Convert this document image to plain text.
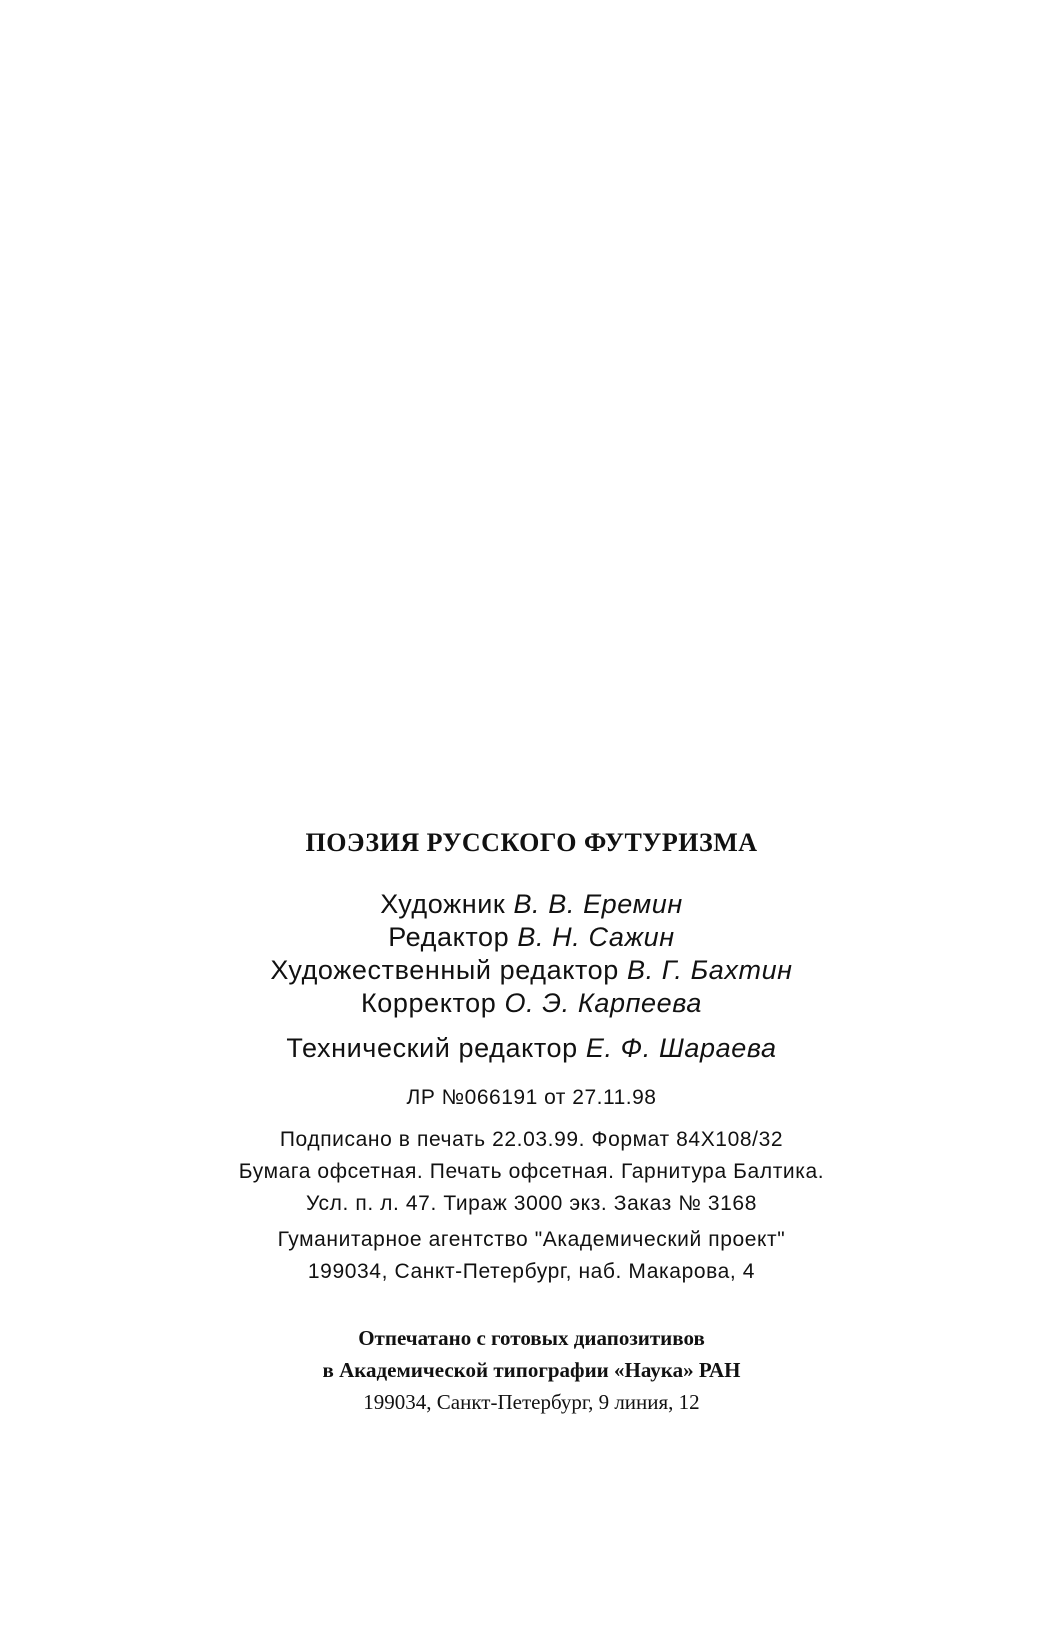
ПОЭЗИЯ РУССКОГО ФУТУРИЗМА
Художник В. В. Еремин
Редактор В. Н. Сажин
Художественный редактор В. Г. Бахтин
Корректор О. Э. Карпеева
Технический редактор Е. Ф. Шараева
ЛР №066191 от 27.11.98
Подписано в печать 22.03.99. Формат 84Х108/32
Бумага офсетная. Печать офсетная. Гарнитура Балтика.
Усл. п. л. 47. Тираж 3000 экз. Заказ № 3168
Гуманитарное агентство "Академический проект"
199034, Санкт-Петербург, наб. Макарова, 4
Отпечатано с готовых диапозитивов
в Академической типографии «Наука» РАН
199034, Санкт-Петербург, 9 линия, 12
